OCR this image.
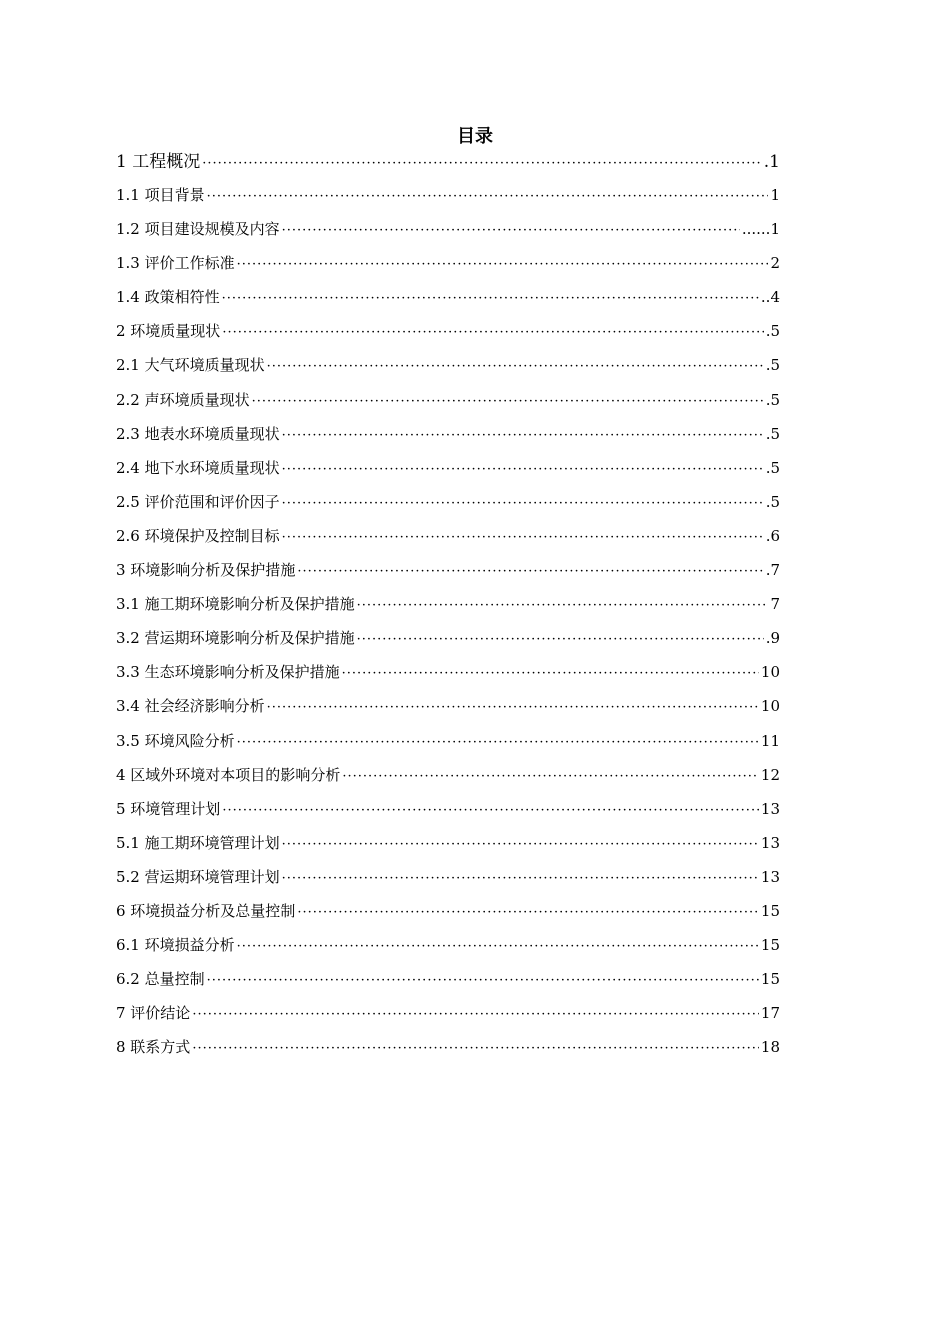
目录
1 工程概况 ·····	.1
1.1 项目背景 ·····	1
1.2 项目建设规模及内容 ·····	......1
1.3 评价工作标准 ·····	2
1.4 政策相符性 ·····	..4
2 环境质量现状 ·····	.5
2.1 大气环境质量现状 ·····	.5
2.2 声环境质量现状 ·····	.5
2.3 地表水环境质量现状 ·····	.5
2.4 地下水环境质量现状 ·····	.5
2.5 评价范围和评价因子 ·····	.5
2.6 环境保护及控制目标 ·····	.6
3 环境影响分析及保护措施 ·····	.7
3.1 施工期环境影响分析及保护措施 ·····	7
3.2 营运期环境影响分析及保护措施 ·····	.9
3.3 生态环境影响分析及保护措施 ·····	10
3.4 社会经济影响分析 ·····	10
3.5 环境风险分析 ·····	11
4 区域外环境对本项目的影响分析 ·····	12
5 环境管理计划 ·····	13
5.1 施工期环境管理计划 ·····	13
5.2 营运期环境管理计划 ·····	13
6 环境损益分析及总量控制 ·····	15
6.1 环境损益分析 ·····	15
6.2 总量控制 ·····	15
7 评价结论 ·····	17
8 联系方式 ·····	18
